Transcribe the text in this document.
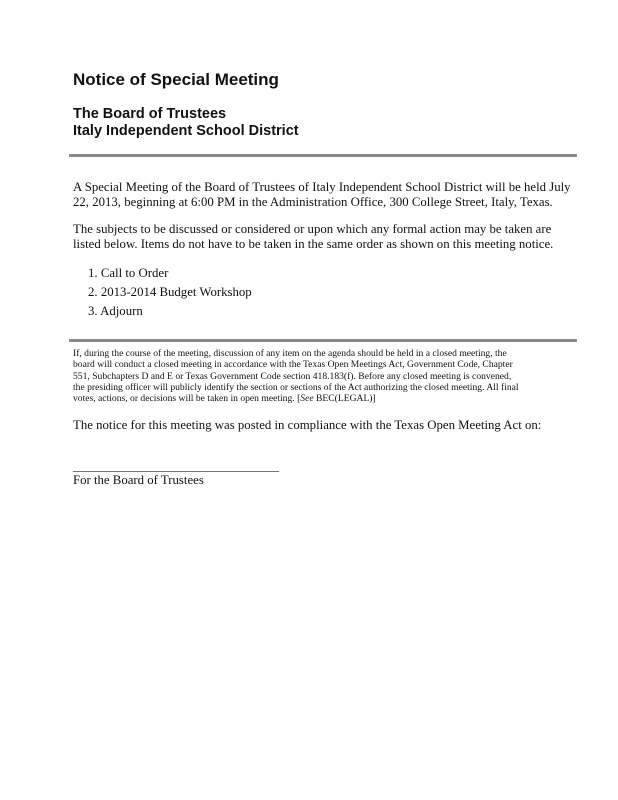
Notice of Special Meeting
The Board of Trustees
Italy Independent School District
A Special Meeting of the Board of Trustees of Italy Independent School District will be held July
22, 2013, beginning at 6:00 PM in the Administration Office, 300 College Street, Italy, Texas.
The subjects to be discussed or considered or upon which any formal action may be taken are
listed below. Items do not have to be taken in the same order as shown on this meeting notice.
1. Call to Order
2. 2013-2014 Budget Workshop
3. Adjourn
If, during the course of the meeting, discussion of any item on the agenda should be held in a closed meeting, the
board will conduct a closed meeting in accordance with the Texas Open Meetings Act, Government Code, Chapter
551, Subchapters D and E or Texas Government Code section 418.183(f). Before any closed meeting is convened,
the presiding officer will publicly identify the section or sections of the Act authorizing the closed meeting. All final
votes, actions, or decisions will be taken in open meeting. [See BEC(LEGAL)]
The notice for this meeting was posted in compliance with the Texas Open Meeting Act on:
For the Board of Trustees
